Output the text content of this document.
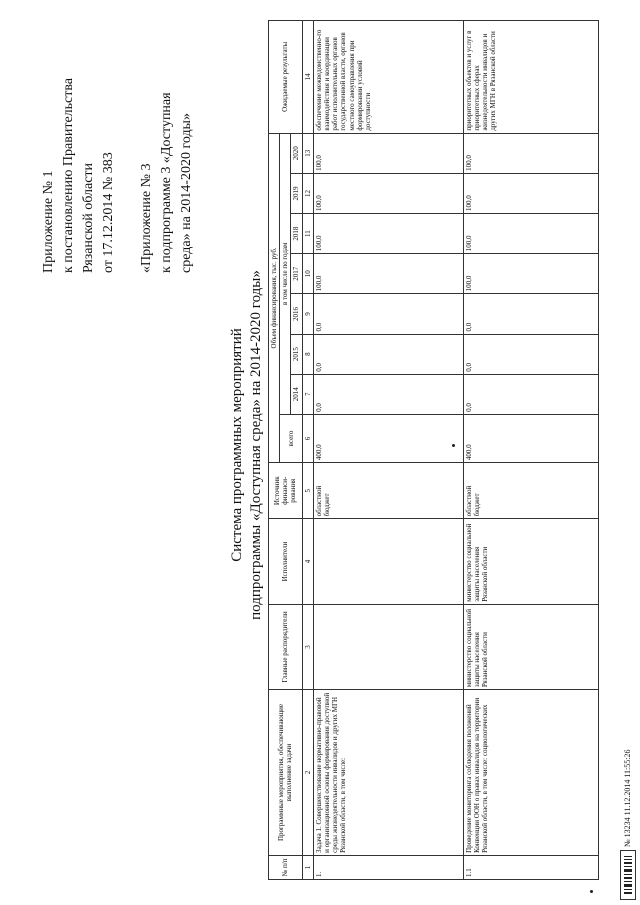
Приложение № 1 к постановлению Правительства Рязанской области от 17.12.2014 № 383 «Приложение № 3 к подпрограмме 3 «Доступная среда» на 2014-2020 годы»
Система программных мероприятий подпрограммы «Доступная среда» на 2014-2020 годы»
№ п/п	Программные мероприятия, обеспечивающие выполнение задачи	Главные распорядители	Исполнители	Источник финанси-рования	Объем финансирования, тыс. руб.								Ожидаемые результаты
					всего	в том числе по годам							
						2014	2015	2016	2017	2018	2019	2020	
1	2	3	4	5	6	7	8	9	10	11	12	13	14
1.	Задача 1. Совершенствование нормативно-правовой и организационной основы формирования доступной среды жизнедеятельности инвалидов и других МГН Рязанской области, в том числе:			областной бюджет	400,0	0,0	0,0	0,0	100,0	100,0	100,0	100,0	обеспечение межведомственно-го взаимодействия и координации работ исполнительных органов государственной власти, органов местного самоуправления при формировании условий доступности
1.1	Проведение мониторинга соблюдения положений Конвенции ООН о правах инвалидов на территории Рязанской области, в том числе: социологических	министерство социальной защиты населения Рязанской области	министерство социальной защиты населения Рязанской области	областной бюджет	400,0	0,0	0,0	0,0	100,0	100,0	100,0	100,0	приоритетных объектов и услуг в приоритетных сферах жизнедеятельности инвалидов и других МГН в Рязанской области
№ 13234 11.12.2014 11:55:26
